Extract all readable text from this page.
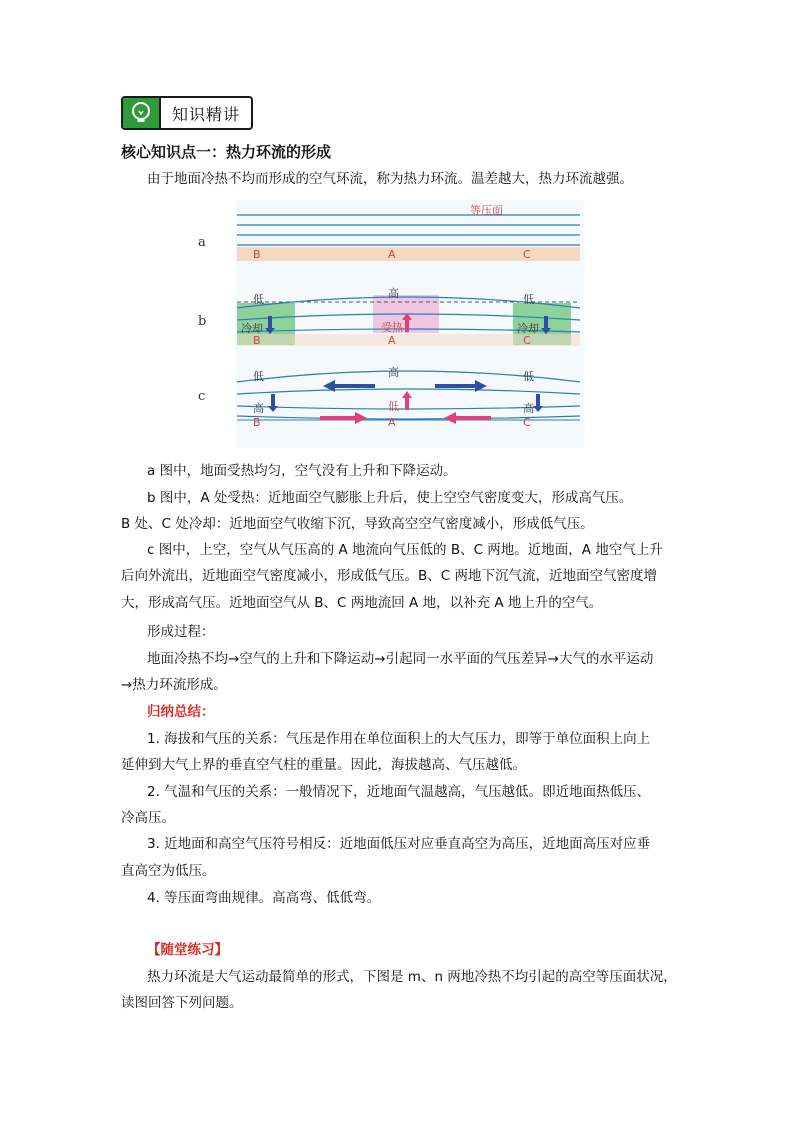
知识精讲
核心知识点一：热力环流的形成
由于地面冷热不均而形成的空气环流，称为热力环流。温差越大，热力环流越强。
a
等压面
B	A	C
b
低	高	低
冷却	受热	冷却
B	A	C
c
低	高	低
高	低	高
B	A	C
a 图中，地面受热均匀，空气没有上升和下降运动。
b 图中，A 处受热：近地面空气膨胀上升后，使上空空气密度变大，形成高气压。
B 处、C 处冷却：近地面空气收缩下沉，导致高空空气密度减小，形成低气压。
c 图中，上空，空气从气压高的 A 地流向气压低的 B、C 两地。近地面，A 地空气上升
后向外流出，近地面空气密度减小，形成低气压。B、C 两地下沉气流，近地面空气密度增
大，形成高气压。近地面空气从 B、C 两地流回 A 地，以补充 A 地上升的空气。
形成过程：
地面冷热不均→空气的上升和下降运动→引起同一水平面的气压差异→大气的水平运动
→热力环流形成。
归纳总结：
1. 海拔和气压的关系：气压是作用在单位面积上的大气压力，即等于单位面积上向上
延伸到大气上界的垂直空气柱的重量。因此，海拔越高、气压越低。
2. 气温和气压的关系：一般情况下，近地面气温越高，气压越低。即近地面热低压、
冷高压。
3. 近地面和高空气压符号相反：近地面低压对应垂直高空为高压，近地面高压对应垂
直高空为低压。
4. 等压面弯曲规律。高高弯、低低弯。
【随堂练习】
热力环流是大气运动最简单的形式，下图是 m、n 两地冷热不均引起的高空等压面状况，
读图回答下列问题。
